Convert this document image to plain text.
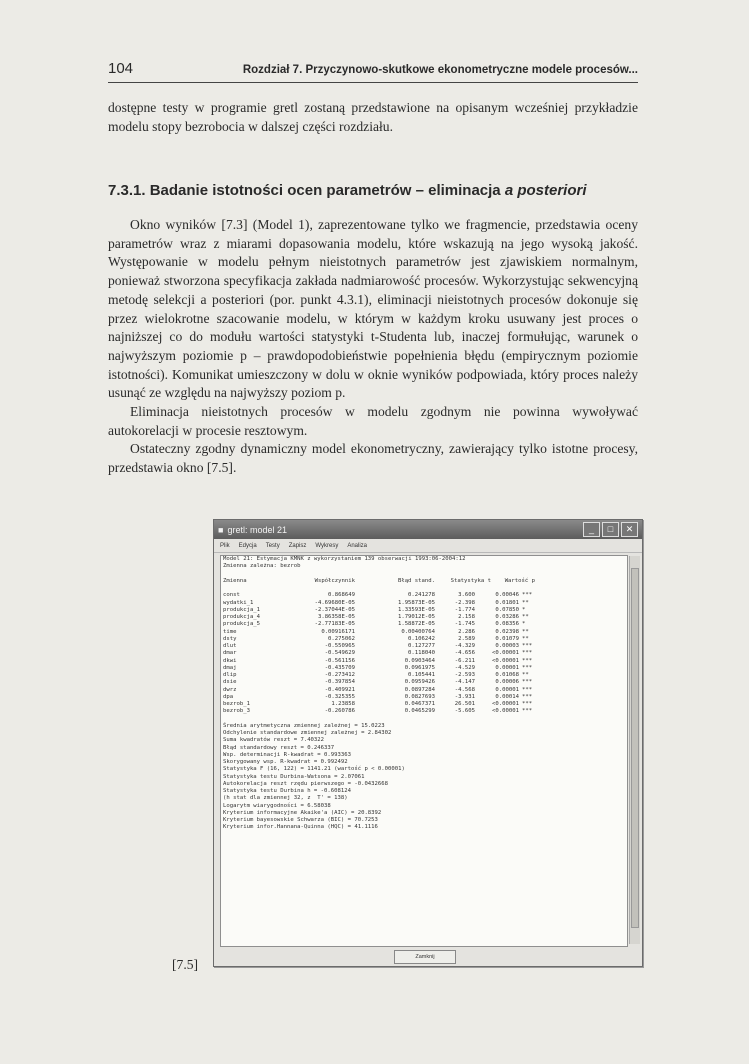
104	Rozdział 7. Przyczynowo-skutkowe ekonometryczne modele procesów...

dostępne testy w programie gretl zostaną przedstawione na opisanym wcześniej przykładzie modelu stopy bezrobocia w dalszej części rozdziału.

7.3.1. Badanie istotności ocen parametrów – eliminacja a posteriori

Okno wyników [7.3] (Model 1), zaprezentowane tylko we fragmencie, przedstawia oceny parametrów wraz z miarami dopasowania modelu, które wskazują na jego wysoką jakość. Występowanie w modelu pełnym nieistotnych parametrów jest zjawiskiem normalnym, ponieważ stworzona specyfikacja zakłada nadmiarowość procesów. Wykorzystując sekwencyjną metodę selekcji a posteriori (por. punkt 4.3.1), eliminacji nieistotnych procesów dokonuje się przez wielokrotne szacowanie modelu, w którym w każdym kroku usuwany jest proces o najniższej co do modułu wartości statystyki t-Studenta lub, inaczej formułując, warunek o najwyższym poziomie p – prawdopodobieństwie popełnienia błędu (empirycznym poziomie istotności). Komunikat umieszczony w dolu w oknie wyników podpowiada, który proces należy usunąć ze względu na najwyższy poziom p.

Eliminacja nieistotnych procesów w modelu zgodnym nie powinna wywoływać autokorelacji w procesie resztowym.

Ostateczny zgodny dynamiczny model ekonometryczny, zawierający tylko istotne procesy, przedstawia okno [7.5].

■ gretl: model 21	_	□	✕
Plik Edycja Testy Zapisz Wykresy Analiza
Model 21: Estymacja KMNK z wykorzystaniem 139 obserwacji 1993:06-2004:12
Zmienna zależna: bezrob
Zmienna	Współczynnik	Błąd stand.	Statystyka t	Wartość p
const	0.868649	0.241278	3.600	0.00046 ***
wydatki_1	-4.69680E-05	1.95873E-05	-2.398	0.01801 **
produkcja_1	-2.37044E-05	1.33593E-05	-1.774	0.07850 *
produkcja_4	3.86358E-05	1.79012E-05	2.158	0.03286 **
produkcja_5	-2.77183E-05	1.58872E-05	-1.745	0.08356 *
time	0.00916171	0.00400764	2.286	0.02398 **
dsty	0.275062	0.106242	2.589	0.01079 **
dlut	-0.550965	0.127277	-4.329	0.00003 ***
dmar	-0.549629	0.118040	-4.656	<0.00001 ***
dkwi	-0.561156	0.0903464	-6.211	<0.00001 ***
dmaj	-0.435709	0.0961975	-4.529	0.00001 ***
dlip	-0.273412	0.105441	-2.593	0.01068 **
dsie	-0.397854	0.0959426	-4.147	0.00006 ***
dwrz	-0.409921	0.0897284	-4.568	0.00001 ***
dpa	-0.325355	0.0827693	-3.931	0.00014 ***
bezrob_1	1.23858	0.0467371	26.501	<0.00001 ***
bezrob_3	-0.260786	0.0465299	-5.605	<0.00001 ***
Średnia arytmetyczna zmiennej zależnej = 15.0223
Odchylenie standardowe zmiennej zależnej = 2.84302
Suma kwadratów reszt = 7.40322
Błąd standardowy reszt = 0.246337
Wsp. determinacji R-kwadrat = 0.993363
Skorygowany wsp. R-kwadrat = 0.992492
Statystyka F (16, 122) = 1141.21 (wartość p < 0.00001)
Statystyka testu Durbina-Watsona = 2.07061
Autokorelacja reszt rzędu pierwszego = -0.0432668
Statystyka testu Durbina h = -0.608124
(h stat dla zmiennej 32, z  T' = 138)
Logarytm wiarygodności = 6.58038
Kryterium informacyjne Akaike'a (AIC) = 20.8392
Kryterium bayesowskie Schwarza (BIC) = 70.7253
Kryterium infor.Hannana-Quinna (HQC) = 41.1116
Zamknij
[7.5]
